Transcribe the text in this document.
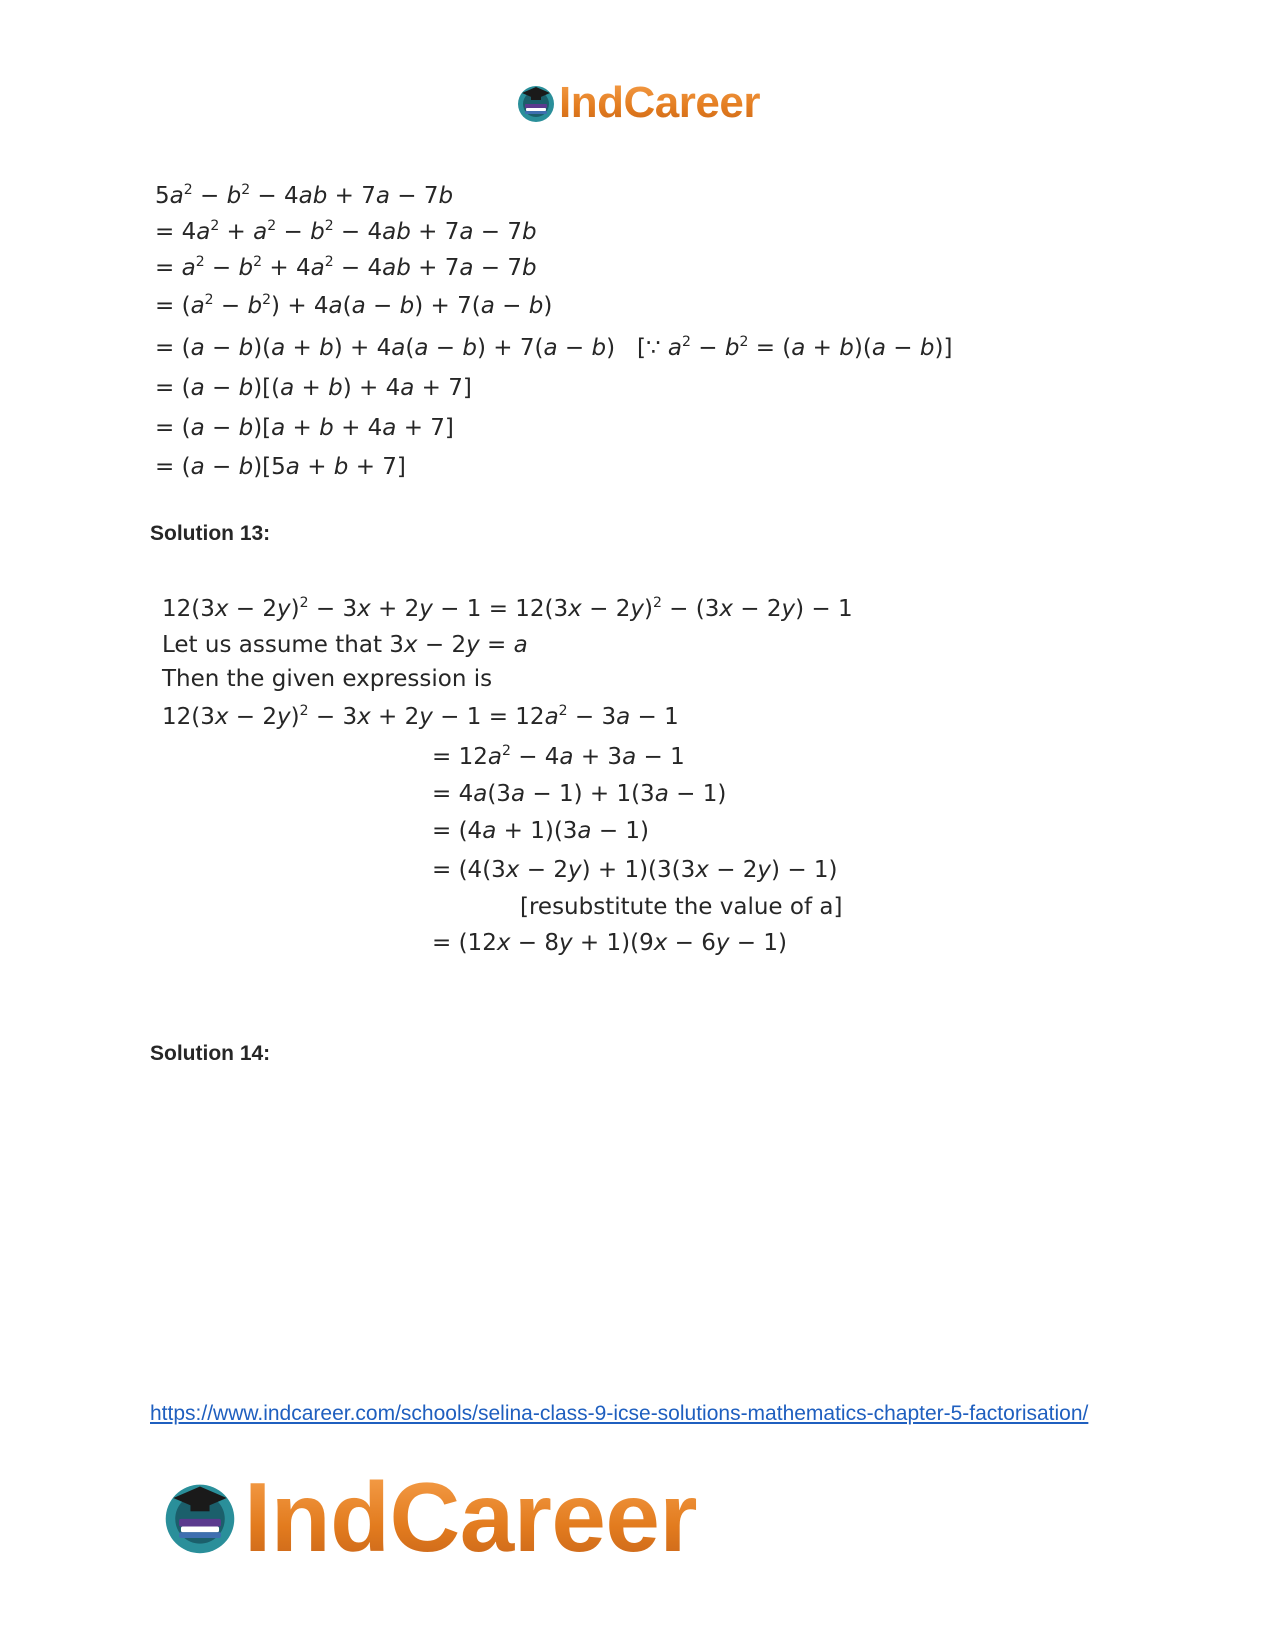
IndCareer
$5a^2 - b^2 - 4ab + 7a - 7b$
= $4a^2 + a^2 - b^2 - 4ab + 7a - 7b$
= $a^2 - b^2 + 4a^2 - 4ab + 7a - 7b$
= $(a^2 - b^2) + 4a(a - b) + 7(a - b)$
= (a − b)(a + b) + 4a(a − b) + 7(a − b)   [∵ $a^2 - b^2 = (a + b)(a - b)$]
= (a − b)[(a + b) + 4a + 7]
= (a − b)[a + b + 4a + 7]
= (a − b)[5a + b + 7]
Solution 13:
$12(3x - 2y)^2 - 3x + 2y - 1 = 12(3x - 2y)^2 - (3x - 2y) - 1$
Let us assume that 3x − 2y = a
Then the given expression is
$12(3x - 2y)^2 - 3x + 2y - 1 = 12a^2 - 3a - 1$
= $12a^2 - 4a + 3a - 1$
= 4a(3a − 1) + 1(3a − 1)
= (4a + 1)(3a − 1)
= (4(3x − 2y) + 1)(3(3x − 2y) − 1)
[resubstitute the value of a]
= (12x − 8y + 1)(9x − 6y − 1)
Solution 14:
https://www.indcareer.com/schools/selina-class-9-icse-solutions-mathematics-chapter-5-factorisation/
IndCareer
